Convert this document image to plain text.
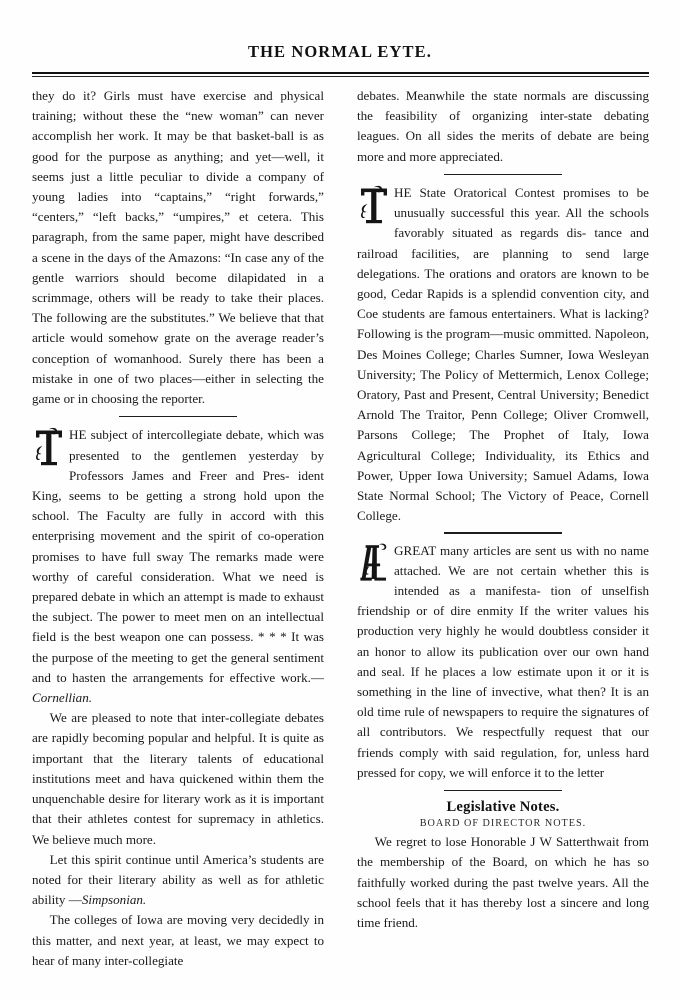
THE NORMAL EYTE.

they do it? Girls must have exercise and physical training; without these the “new woman” can never accomplish her work. It may be that basket-ball is as good for the purpose as anything; and yet—well, it seems just a little peculiar to divide a company of young ladies into “captains,” “right forwards,” “centers,” “left backs,” “umpires,” et cetera. This paragraph, from the same paper, might have described a scene in the days of the Amazons: “In case any of the gentle warriors should become dilapidated in a scrimmage, others will be ready to take their places. The following are the substitutes.” We believe that that article would somehow grate on the average reader’s conception of womanhood. Surely there has been a mistake in one of two places—either in selecting the game or in choosing the reporter.

HE subject of intercollegiate debate, which was presented to the gentlemen yesterday by Professors James and Freer and Pres- ident King, seems to be getting a strong hold upon the school. The Faculty are fully in accord with this enterprising movement and the spirit of co-operation promises to have full sway The remarks made were worthy of careful consideration. What we need is prepared debate in which an attempt is made to exhaust the subject. The power to meet men on an intellectual field is the best weapon one can possess. * * * It was the purpose of the meeting to get the general sentiment and to hasten the arrangements for effective work.—Cornellian.

We are pleased to note that inter-collegiate debates are rapidly becoming popular and helpful. It is quite as important that the literary talents of educational institutions meet and hava quickened within them the unquenchable desire for literary work as it is important that their athletes contest for supremacy in athletics. We believe much more.

Let this spirit continue until America’s students are noted for their literary ability as well as for athletic ability —Simpsonian.

The colleges of Iowa are moving very decidedly in this matter, and next year, at least, we may expect to hear of many inter-collegiate

debates. Meanwhile the state normals are discussing the feasibility of organizing inter-state debating leagues. On all sides the merits of debate are being more and more appreciated.

HE State Oratorical Contest promises to be unusually successful this year. All the schools favorably situated as regards dis- tance and railroad facilities, are planning to send large delegations. The orations and orators are known to be good, Cedar Rapids is a splendid convention city, and Coe students are famous entertainers. What is lacking? Following is the program—music ommitted. Napoleon, Des Moines College; Charles Sumner, Iowa Wesleyan University; The Policy of Mettermich, Lenox College; Oratory, Past and Present, Central University; Benedict Arnold The Traitor, Penn College; Oliver Cromwell, Parsons College; The Prophet of Italy, Iowa Agricultural College; Individuality, its Ethics and Power, Upper Iowa University; Samuel Adams, Iowa State Normal School; The Victory of Peace, Cornell College.
GREAT many articles are sent us with no name attached. We are not certain whether this is intended as a manifesta- tion of unselfish friendship or of dire enmity If the writer values his production very highly he would doubtless consider it an honor to allow its publication over our own hand and seal. If he places a low estimate upon it or it is something in the line of invective, what then? It is an old time rule of newspapers to require the signatures of all contributors. We respectfully request that our friends comply with said regulation, for, unless hard pressed for copy, we will enforce it to the letter
Legislative Notes.
BOARD OF DIRECTOR NOTES.

We regret to lose Honorable J W Satterthwait from the membership of the Board, on which he has so faithfully worked during the past twelve years. All the school feels that it has thereby lost a sincere and long time friend.
